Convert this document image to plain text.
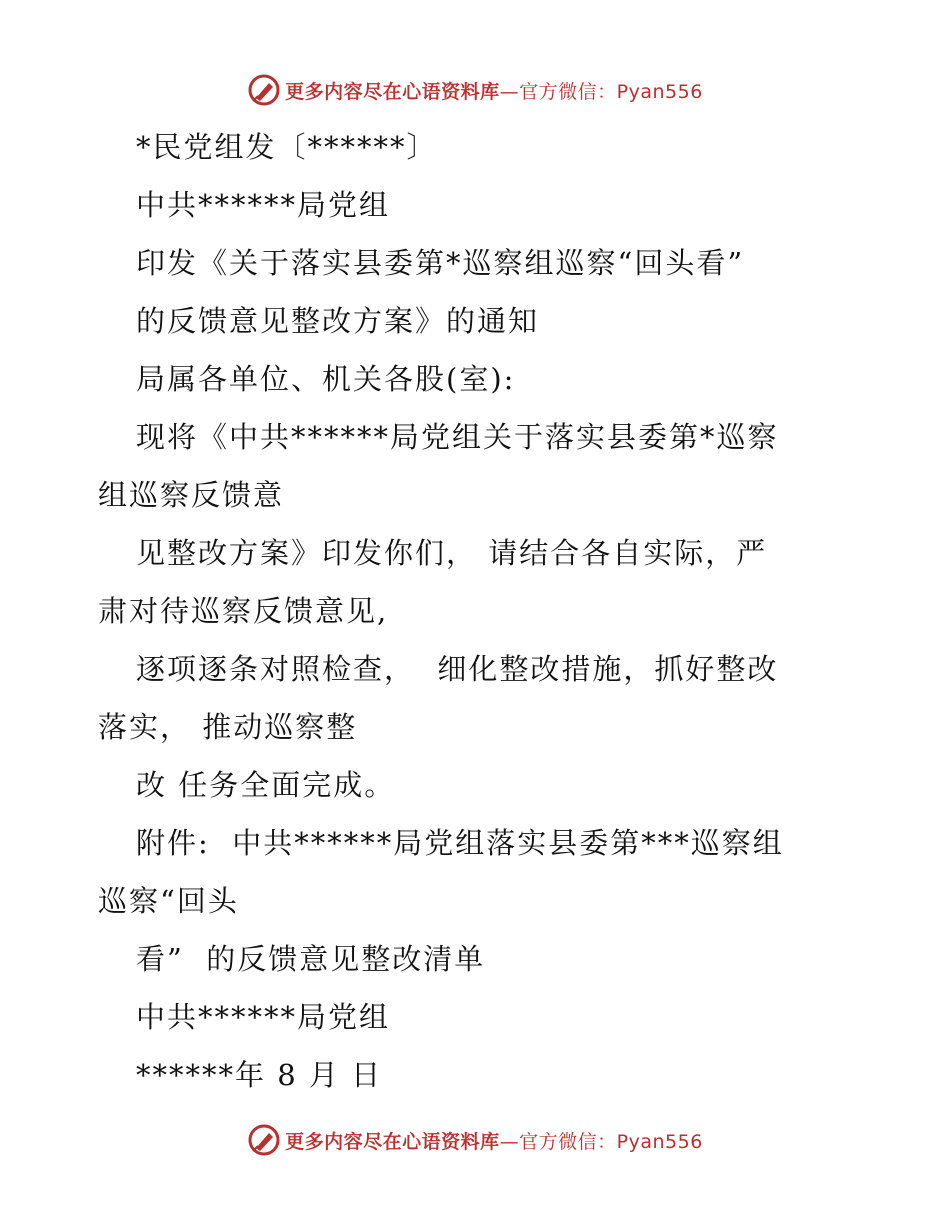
更多内容尽在心语资料库—官方微信：Pyan556
*民党组发〔******〕
中共******局党组
印发《关于落实县委第*巡察组巡察“回头看”
的反馈意见整改方案》的通知
局属各单位、机关各股(室):
现将《中共******局党组关于落实县委第*巡察
组巡察反馈意
见整改方案》印发你们， 请结合各自实际，严
肃对待巡察反馈意见,
逐项逐条对照检查，  细化整改措施，抓好整改
落实， 推动巡察整
改 任务全面完成。
附件:  中共******局党组落实县委第***巡察组
巡察“回头
看”  的反馈意见整改清单
中共******局党组
******年 8 月 日
更多内容尽在心语资料库—官方微信：Pyan556
